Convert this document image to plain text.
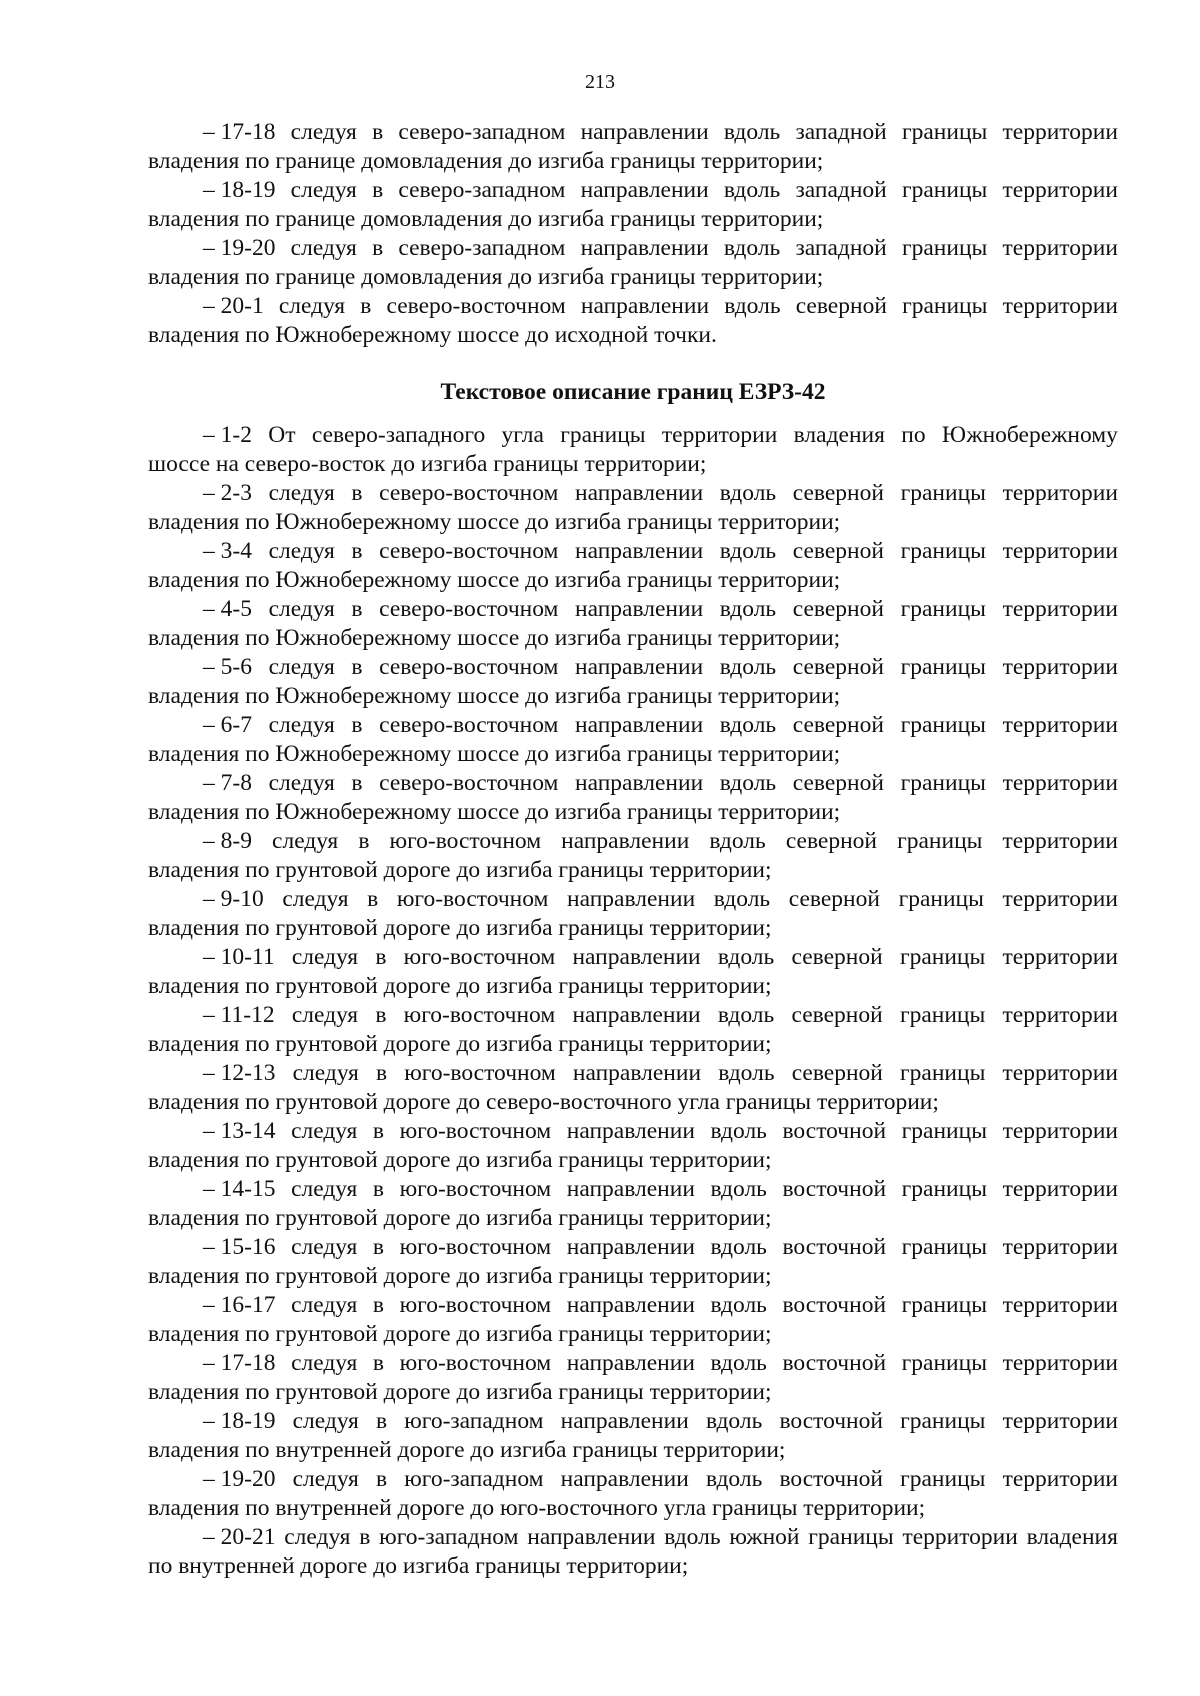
213
– 17-18 следуя в северо-западном направлении вдоль западной границы территории
владения по границе домовладения до изгиба границы территории;
– 18-19 следуя в северо-западном направлении вдоль западной границы территории
владения по границе домовладения до изгиба границы территории;
– 19-20 следуя в северо-западном направлении вдоль западной границы территории
владения по границе домовладения до изгиба границы территории;
– 20-1 следуя в северо-восточном направлении вдоль северной границы территории
владения по Южнобережному шоссе до исходной точки.
Текстовое описание границ ЕЗРЗ-42
– 1-2 От северо-западного угла границы территории владения по Южнобережному
шоссе на северо-восток до изгиба границы территории;
– 2-3 следуя в северо-восточном направлении вдоль северной границы территории
владения по Южнобережному шоссе до изгиба границы территории;
– 3-4 следуя в северо-восточном направлении вдоль северной границы территории
владения по Южнобережному шоссе до изгиба границы территории;
– 4-5 следуя в северо-восточном направлении вдоль северной границы территории
владения по Южнобережному шоссе до изгиба границы территории;
– 5-6 следуя в северо-восточном направлении вдоль северной границы территории
владения по Южнобережному шоссе до изгиба границы территории;
– 6-7 следуя в северо-восточном направлении вдоль северной границы территории
владения по Южнобережному шоссе до изгиба границы территории;
– 7-8 следуя в северо-восточном направлении вдоль северной границы территории
владения по Южнобережному шоссе до изгиба границы территории;
– 8-9 следуя в юго-восточном направлении вдоль северной границы территории
владения по грунтовой дороге до изгиба границы территории;
– 9-10 следуя в юго-восточном направлении вдоль северной границы территории
владения по грунтовой дороге до изгиба границы территории;
– 10-11 следуя в юго-восточном направлении вдоль северной границы территории
владения по грунтовой дороге до изгиба границы территории;
– 11-12 следуя в юго-восточном направлении вдоль северной границы территории
владения по грунтовой дороге до изгиба границы территории;
– 12-13 следуя в юго-восточном направлении вдоль северной границы территории
владения по грунтовой дороге до северо-восточного угла границы территории;
– 13-14 следуя в юго-восточном направлении вдоль восточной границы территории
владения по грунтовой дороге до изгиба границы территории;
– 14-15 следуя в юго-восточном направлении вдоль восточной границы территории
владения по грунтовой дороге до изгиба границы территории;
– 15-16 следуя в юго-восточном направлении вдоль восточной границы территории
владения по грунтовой дороге до изгиба границы территории;
– 16-17 следуя в юго-восточном направлении вдоль восточной границы территории
владения по грунтовой дороге до изгиба границы территории;
– 17-18 следуя в юго-восточном направлении вдоль восточной границы территории
владения по грунтовой дороге до изгиба границы территории;
– 18-19 следуя в юго-западном направлении вдоль восточной границы территории
владения по внутренней дороге до изгиба границы территории;
– 19-20 следуя в юго-западном направлении вдоль восточной границы территории
владения по внутренней дороге до юго-восточного угла границы территории;
– 20-21 следуя в юго-западном направлении вдоль южной границы территории владения
по внутренней дороге до изгиба границы территории;
